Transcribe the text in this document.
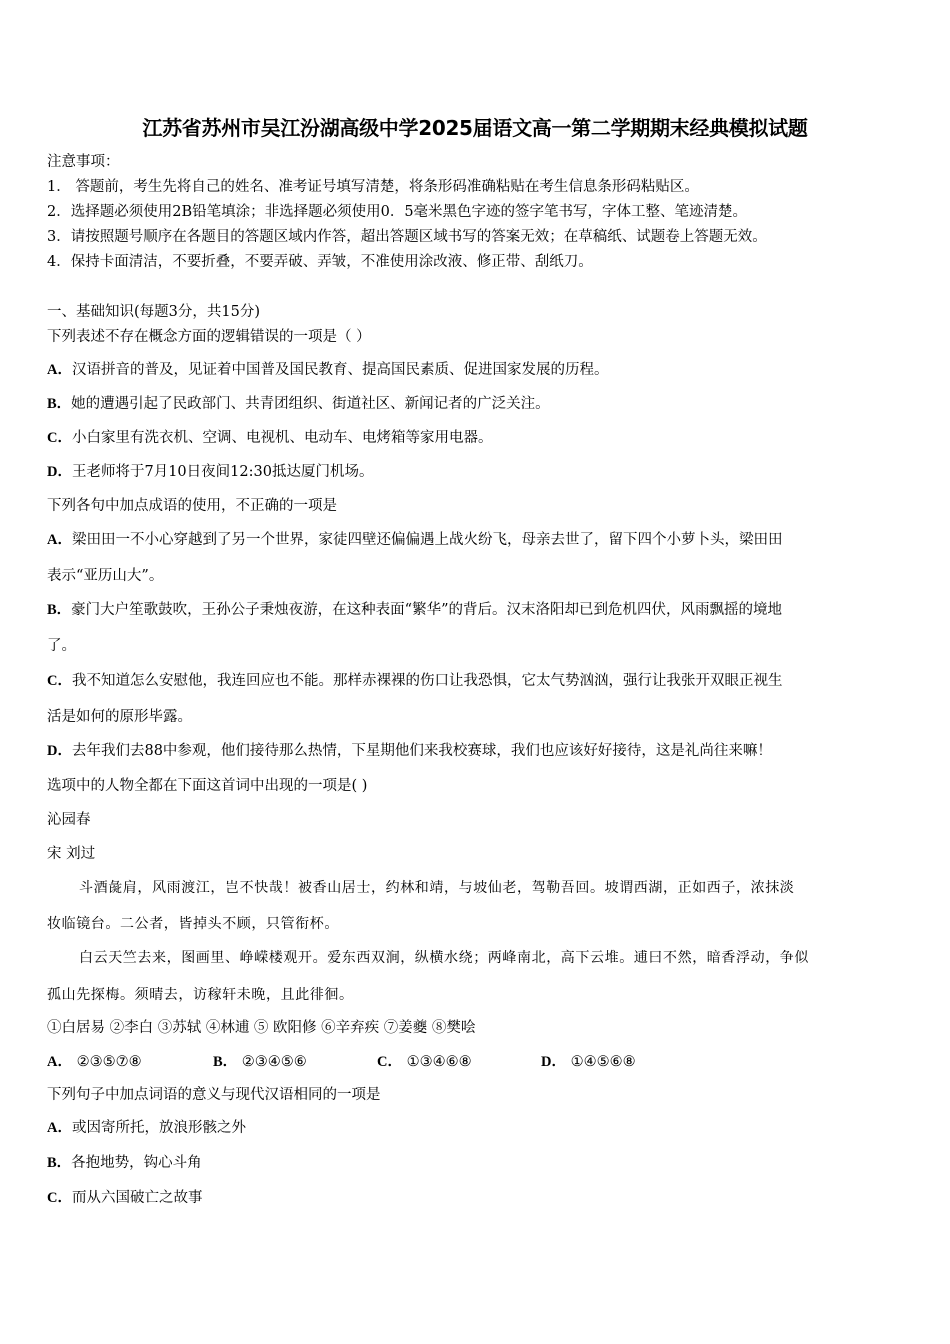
江苏省苏州市吴江汾湖高级中学2025届语文高一第二学期期末经典模拟试题
注意事项：
1． 答题前，考生先将自己的姓名、准考证号填写清楚，将条形码准确粘贴在考生信息条形码粘贴区。
2．选择题必须使用2B铅笔填涂；非选择题必须使用0．5毫米黑色字迹的签字笔书写，字体工整、笔迹清楚。
3．请按照题号顺序在各题目的答题区域内作答，超出答题区域书写的答案无效；在草稿纸、试题卷上答题无效。
4．保持卡面清洁，不要折叠，不要弄破、弄皱，不准使用涂改液、修正带、刮纸刀。
一、基础知识(每题3分，共15分)
下列表述不存在概念方面的逻辑错误的一项是（ ）
A．汉语拼音的普及，见证着中国普及国民教育、提高国民素质、促进国家发展的历程。
B．她的遭遇引起了民政部门、共青团组织、街道社区、新闻记者的广泛关注。
C．小白家里有洗衣机、空调、电视机、电动车、电烤箱等家用电器。
D．王老师将于7月10日夜间12:30抵达厦门机场。
下列各句中加点成语的使用，不正确的一项是
A．梁田田一不小心穿越到了另一个世界，家徒四壁还偏偏遇上战火纷飞，母亲去世了，留下四个小萝卜头，梁田田
表示“亚历山大”。
B．豪门大户笙歌鼓吹，王孙公子秉烛夜游，在这种表面“繁华”的背后。汉末洛阳却已到危机四伏，风雨飘摇的境地
了。
C．我不知道怎么安慰他，我连回应也不能。那样赤裸裸的伤口让我恐惧，它太气势汹汹，强行让我张开双眼正视生
活是如何的原形毕露。
D．去年我们去88中参观，他们接待那么热情，下星期他们来我校赛球，我们也应该好好接待，这是礼尚往来嘛！
选项中的人物全都在下面这首词中出现的一项是( )
沁园春
宋 刘过
斗酒彘肩，风雨渡江，岂不快哉！被香山居士，约林和靖，与坡仙老，驾勒吾回。坡谓西湖，正如西子，浓抹淡
妆临镜台。二公者，皆掉头不顾，只管衔杯。
白云天竺去来，图画里、峥嵘楼观开。爱东西双涧，纵横水绕；两峰南北，高下云堆。逋曰不然，暗香浮动，争似
孤山先探梅。须晴去，访稼轩未晚，且此徘徊。
①白居易 ②李白 ③苏轼 ④林逋 ⑤ 欧阳修 ⑥辛弃疾 ⑦姜夔 ⑧樊哙
A． ②③⑤⑦⑧	B． ②③④⑤⑥	C． ①③④⑥⑧	D． ①④⑤⑥⑧
下列句子中加点词语的意义与现代汉语相同的一项是
A．或因寄所托，放浪形骸之外
B．各抱地势，钩心斗角
C．而从六国破亡之故事
